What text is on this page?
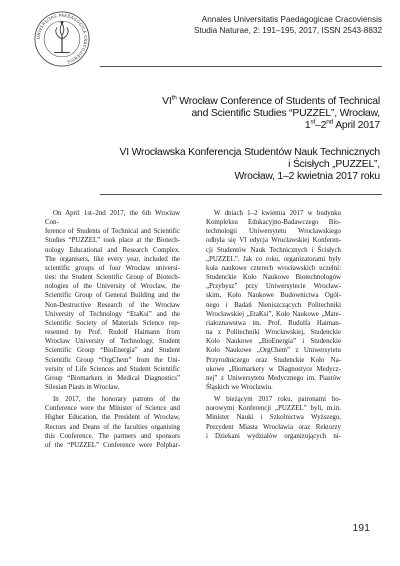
UNIVERSITAS PAEDAGOGICA CRACOVIENSIS
Annales Universitatis Paedagogicae Cracoviensis
Studia Naturae, 2: 191–195, 2017, ISSN 2543-8832
VIth Wrocław Conference of Students of Technical
and Scientific Studies “PUZZEL”, Wrocław,
1st–2nd April 2017
VI Wrocławska Konferencja Studentów Nauk Technicznych
i Ścisłych „PUZZEL”,
Wrocław, 1–2 kwietnia 2017 roku

On April 1st–2nd 2017, the 6th Wrocław Con-

ference of Students of Technical and Scientific

Studies “PUZZEL” took place at the Biotech-

nology Educational and Research Complex.

The organisers, like every year, included the

scientific groups of four Wrocław universi-

ties: the Student Scientific Group of Biotech-

nologies of the University of Wrocław, the

Scientific Group of General Building and the

Non-Destructive Research of the Wrocław

University of Technology “EtaKsi” and the

Scientific Society of Materials Science rep-

resented by Prof. Rudolf Haimann from

Wrocław University of Technology, Student

Scientific Group “BioEnergia” and Student

Scientific Group “OrgChem” from the Uni-

versity of Life Sciences and Student Scientific

Group “Biomarkers in Medical Diagnostics”

Silesian Piasts in Wrocław.

In 2017, the honorary patrons of the

Conference were the Minister of Science and

Higher Education, the President of Wrocław,

Rectors and Deans of the faculties organising

this Conference. The partners and sponsors

of the “PUZZEL” Conference were Polphar-

W dniach 1–2 kwietnia 2017 w budynku

Kompleksu Edukacyjno-Badawczego Bio-

technologii Uniwersytetu Wrocławskiego

odbyła się VI edycja Wrocławskiej Konferen-

cji Studentów Nauk Technicznych i Ścisłych

„PUZZEL”. Jak co roku, organizatorami były

koła naukowe czterech wrocławskich uczelni:

Studenckie Koło Naukowe Biotechnologów

„Przybysz” przy Uniwersytecie Wrocław-

skim, Koło Naukowe Budownictwa Ogól-

nego i Badań Nieniszczących Politechniki

Wrocławskiej „EtaKsi”, Koło Naukowe „Mate-

riałoznawstwa im. Prof. Rudolfa Haiman-

na z Politechniki Wrocławskiej, Studenckie

Koło Naukowe „BioEnergia” i Studenckie

Koło Naukowe „OrgChem” z Uniwersytetu

Przyrodniczego oraz Studenckie Koło Na-

ukowe „Biomarkery w Diagnostyce Medycz-

nej” z Uniwersytetu Medycznego im. Piastów

Śląskich we Wrocławiu.

W bieżącym 2017 roku, patronami ho-

norowymi Konferencji „PUZZEL” byli, m.in.

Minister Nauki i Szkolnictwa Wyższego,

Prezydent Miasta Wrocławia oraz Rektorzy

i Dziekani wydziałów organizujących ni-

191
